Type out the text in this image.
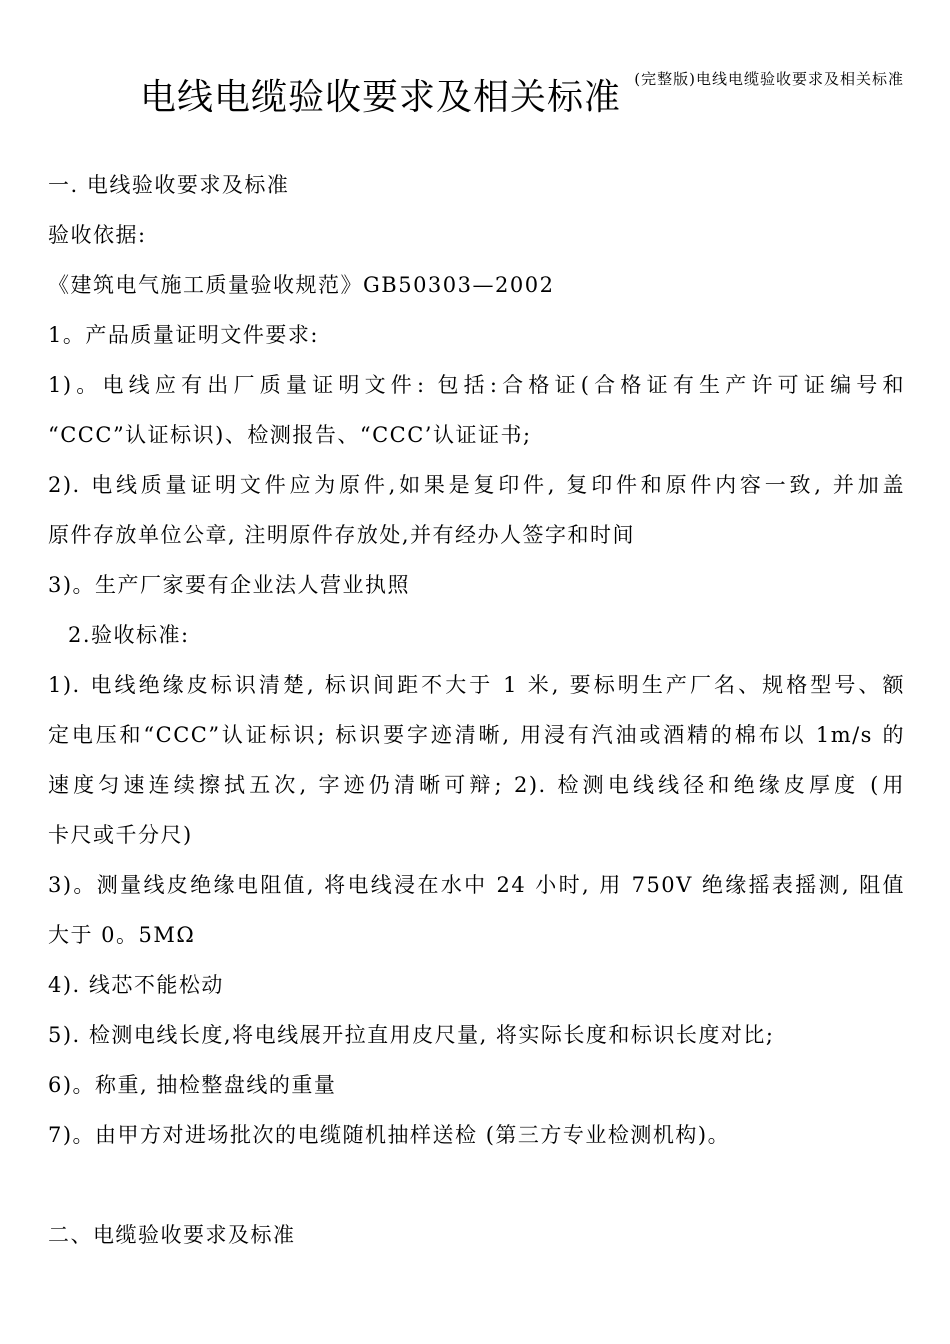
(完整版)电线电缆验收要求及相关标准
电线电缆验收要求及相关标准
一. 电线验收要求及标准
验收依据:
《建筑电气施工质量验收规范》GB50303—2002
1。产品质量证明文件要求:
1)。电线应有出厂质量证明文件: 包括:合格证(合格证有生产许可证编号和
“CCC”认证标识)、检测报告、“CCC’认证证书;
2). 电线质量证明文件应为原件,如果是复印件, 复印件和原件内容一致, 并加盖
原件存放单位公章, 注明原件存放处,并有经办人签字和时间
3)。生产厂家要有企业法人营业执照
2.验收标准:
1). 电线绝缘皮标识清楚, 标识间距不大于 1 米, 要标明生产厂名、规格型号、额
定电压和“CCC”认证标识; 标识要字迹清晰, 用浸有汽油或酒精的棉布以 1m/s 的
速度匀速连续擦拭五次, 字迹仍清晰可辩; 2). 检测电线线径和绝缘皮厚度 (用
卡尺或千分尺)
3)。测量线皮绝缘电阻值, 将电线浸在水中 24 小时, 用 750V 绝缘摇表摇测, 阻值
大于 0。5MΩ
4). 线芯不能松动
5). 检测电线长度,将电线展开拉直用皮尺量, 将实际长度和标识长度对比;
6)。称重, 抽检整盘线的重量
7)。由甲方对进场批次的电缆随机抽样送检 (第三方专业检测机构)。
二、电缆验收要求及标准
